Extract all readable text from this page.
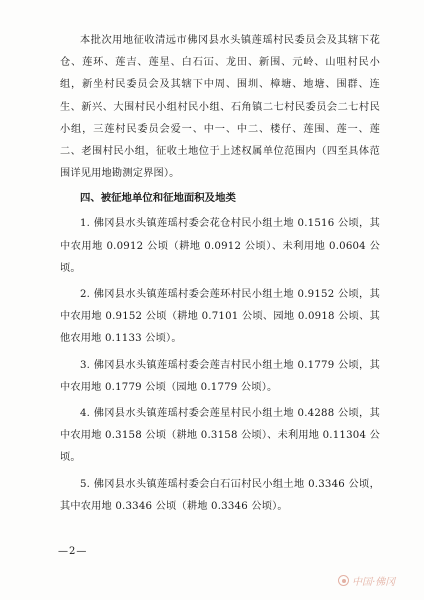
本批次用地征收清远市佛冈县水头镇莲瑶村民委员会及其辖下花仓、莲环、莲吉、莲星、白石冚、龙田、新围、元岭、山咀村民小组，新坐村民委员会及其辖下中周、围圳、樟塘、地塘、围群、连生、新兴、大围村民小组村民小组、石角镇二七村民委员会二七村民小组，三莲村民委员会爱一、中一、中二、楼仔、莲围、莲一、莲二、老围村民小组，征收土地位于上述权属单位范围内（四至具体范围详见用地勘测定界图）。

四、被征地单位和征地面积及地类

1. 佛冈县水头镇莲瑶村委会花仓村民小组土地 0.1516 公顷，其中农用地 0.0912 公顷（耕地 0.0912 公顷）、未利用地 0.0604 公顷。

2. 佛冈县水头镇莲瑶村委会莲环村民小组土地 0.9152 公顷，其中农用地 0.9152 公顷（耕地 0.7101 公顷、园地 0.0918 公顷、其他农用地 0.1133 公顷）。

3. 佛冈县水头镇莲瑶村委会莲吉村民小组土地 0.1779 公顷，其中农用地 0.1779 公顷（园地 0.1779 公顷）。

4. 佛冈县水头镇莲瑶村委会莲星村民小组土地 0.4288 公顷，其中农用地 0.3158 公顷（耕地 0.3158 公顷）、未利用地 0.11304 公顷。

5. 佛冈县水头镇莲瑶村委会白石冚村民小组土地 0.3346 公顷，其中农用地 0.3346 公顷（耕地 0.3346 公顷）。

—2—
中国·佛冈
